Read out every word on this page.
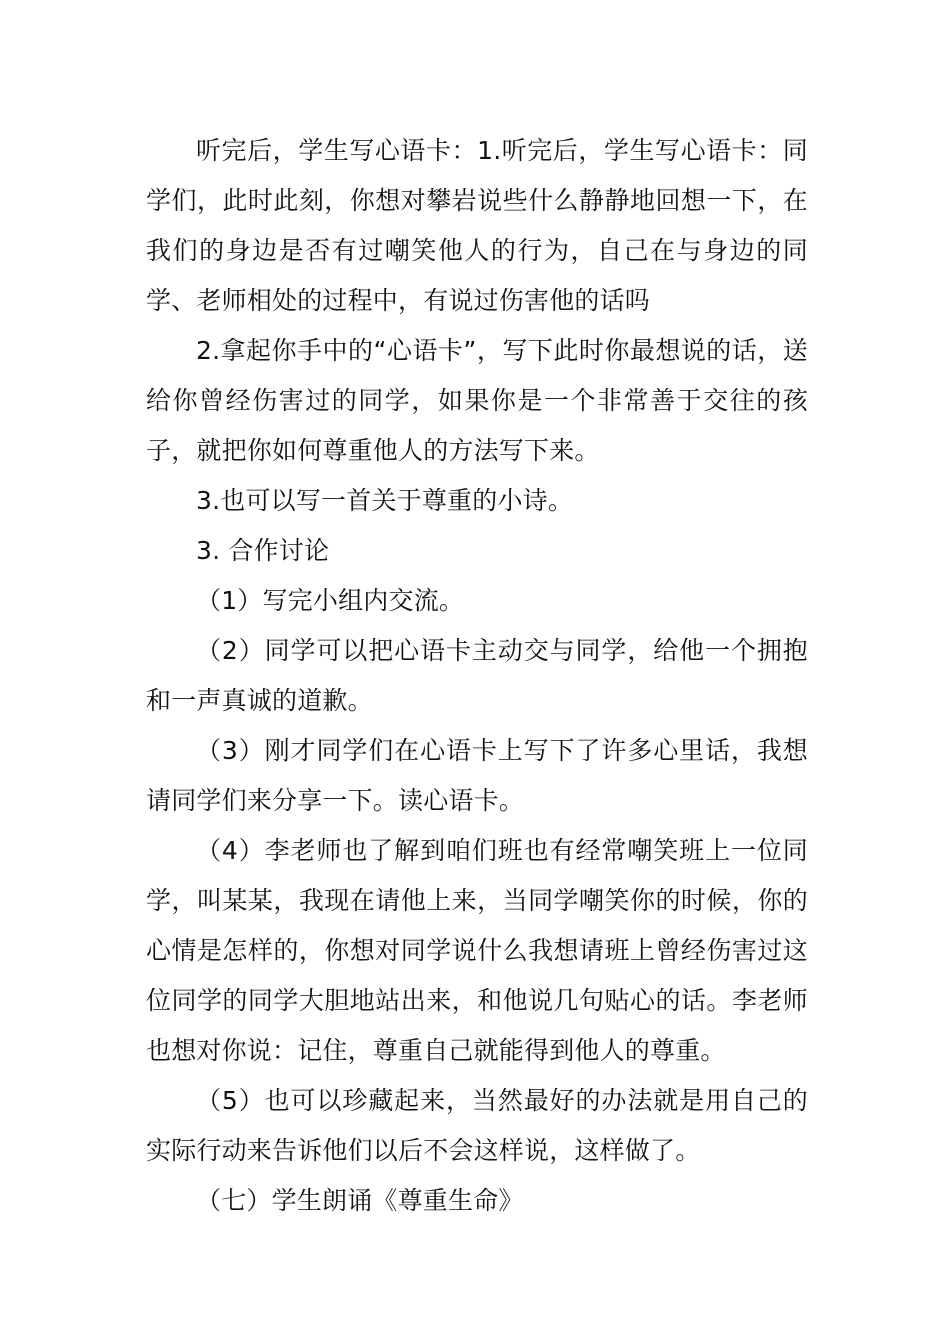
听完后，学生写心语卡：1.听完后，学生写心语卡：同学们，此时此刻，你想对攀岩说些什么静静地回想一下，在我们的身边是否有过嘲笑他人的行为，自己在与身边的同学、老师相处的过程中，有说过伤害他的话吗

2.拿起你手中的“心语卡”，写下此时你最想说的话，送给你曾经伤害过的同学，如果你是一个非常善于交往的孩子，就把你如何尊重他人的方法写下来。

3.也可以写一首关于尊重的小诗。

3. 合作讨论

（1）写完小组内交流。

（2）同学可以把心语卡主动交与同学，给他一个拥抱和一声真诚的道歉。

（3）刚才同学们在心语卡上写下了许多心里话，我想请同学们来分享一下。读心语卡。

（4）李老师也了解到咱们班也有经常嘲笑班上一位同学，叫某某，我现在请他上来，当同学嘲笑你的时候，你的心情是怎样的，你想对同学说什么我想请班上曾经伤害过这位同学的同学大胆地站出来，和他说几句贴心的话。李老师也想对你说：记住，尊重自己就能得到他人的尊重。

（5）也可以珍藏起来，当然最好的办法就是用自己的实际行动来告诉他们以后不会这样说，这样做了。

（七）学生朗诵《尊重生命》
